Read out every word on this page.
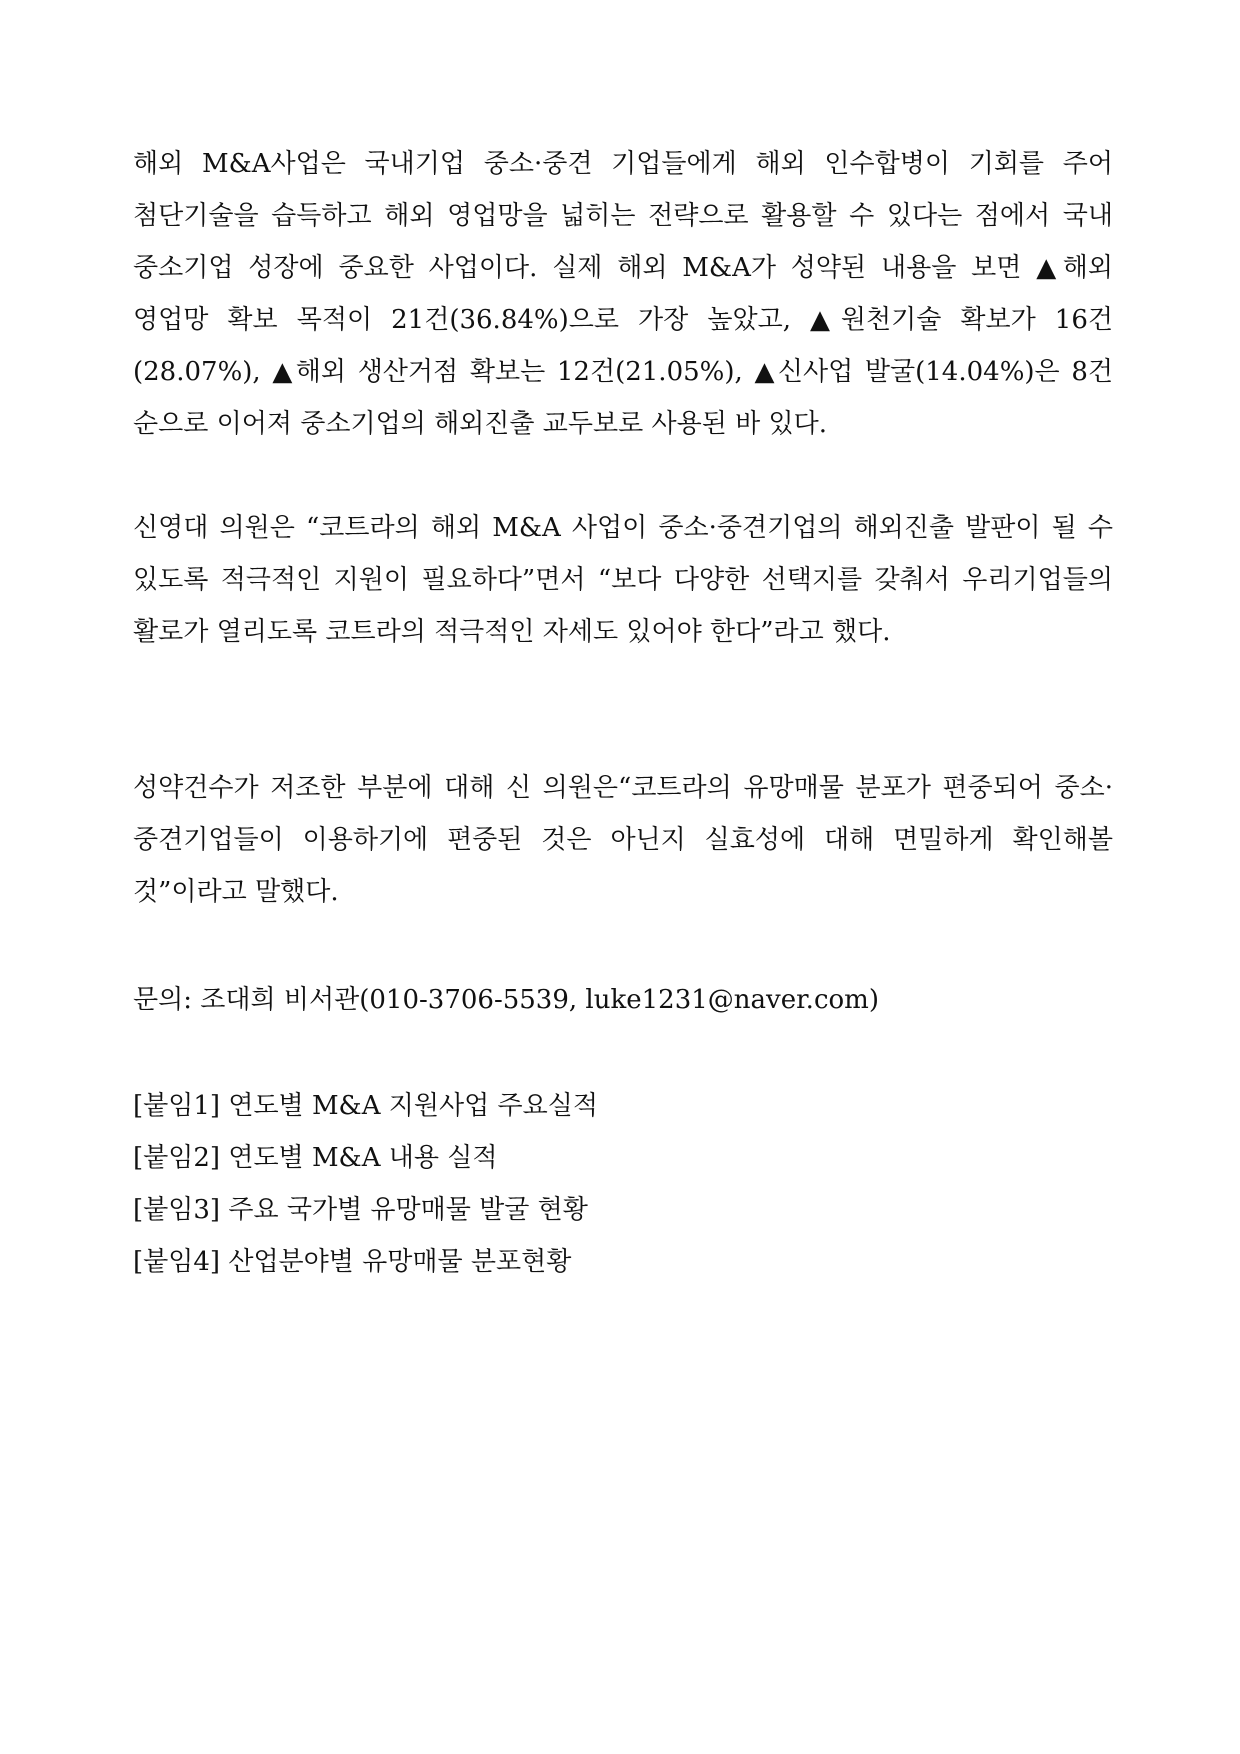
해외 M&A사업은 국내기업 중소·중견 기업들에게 해외 인수합병이 기회를 주어 첨단기술을 습득하고 해외 영업망을 넓히는 전략으로 활용할 수 있다는 점에서 국내 중소기업 성장에 중요한 사업이다. 실제 해외 M&A가 성약된 내용을 보면 ▲해외 영업망 확보 목적이 21건(36.84%)으로 가장 높았고, ▲원천기술 확보가 16건(28.07%), ▲해외 생산거점 확보는 12건(21.05%), ▲신사업 발굴(14.04%)은 8건 순으로 이어져 중소기업의 해외진출 교두보로 사용된 바 있다.

신영대 의원은 “코트라의 해외 M&A 사업이 중소·중견기업의 해외진출 발판이 될 수 있도록 적극적인 지원이 필요하다”면서 “보다 다양한 선택지를 갖춰서 우리기업들의 활로가 열리도록 코트라의 적극적인 자세도 있어야 한다”라고 했다.

성약건수가 저조한 부분에 대해 신 의원은“코트라의 유망매물 분포가 편중되어 중소·중견기업들이 이용하기에 편중된 것은 아닌지 실효성에 대해 면밀하게 확인해볼 것”이라고 말했다.

문의: 조대희 비서관(010-3706-5539, luke1231@naver.com)

[붙임1] 연도별 M&A 지원사업 주요실적
[붙임2] 연도별 M&A 내용 실적
[붙임3] 주요 국가별 유망매물 발굴 현황
[붙임4] 산업분야별 유망매물 분포현황
